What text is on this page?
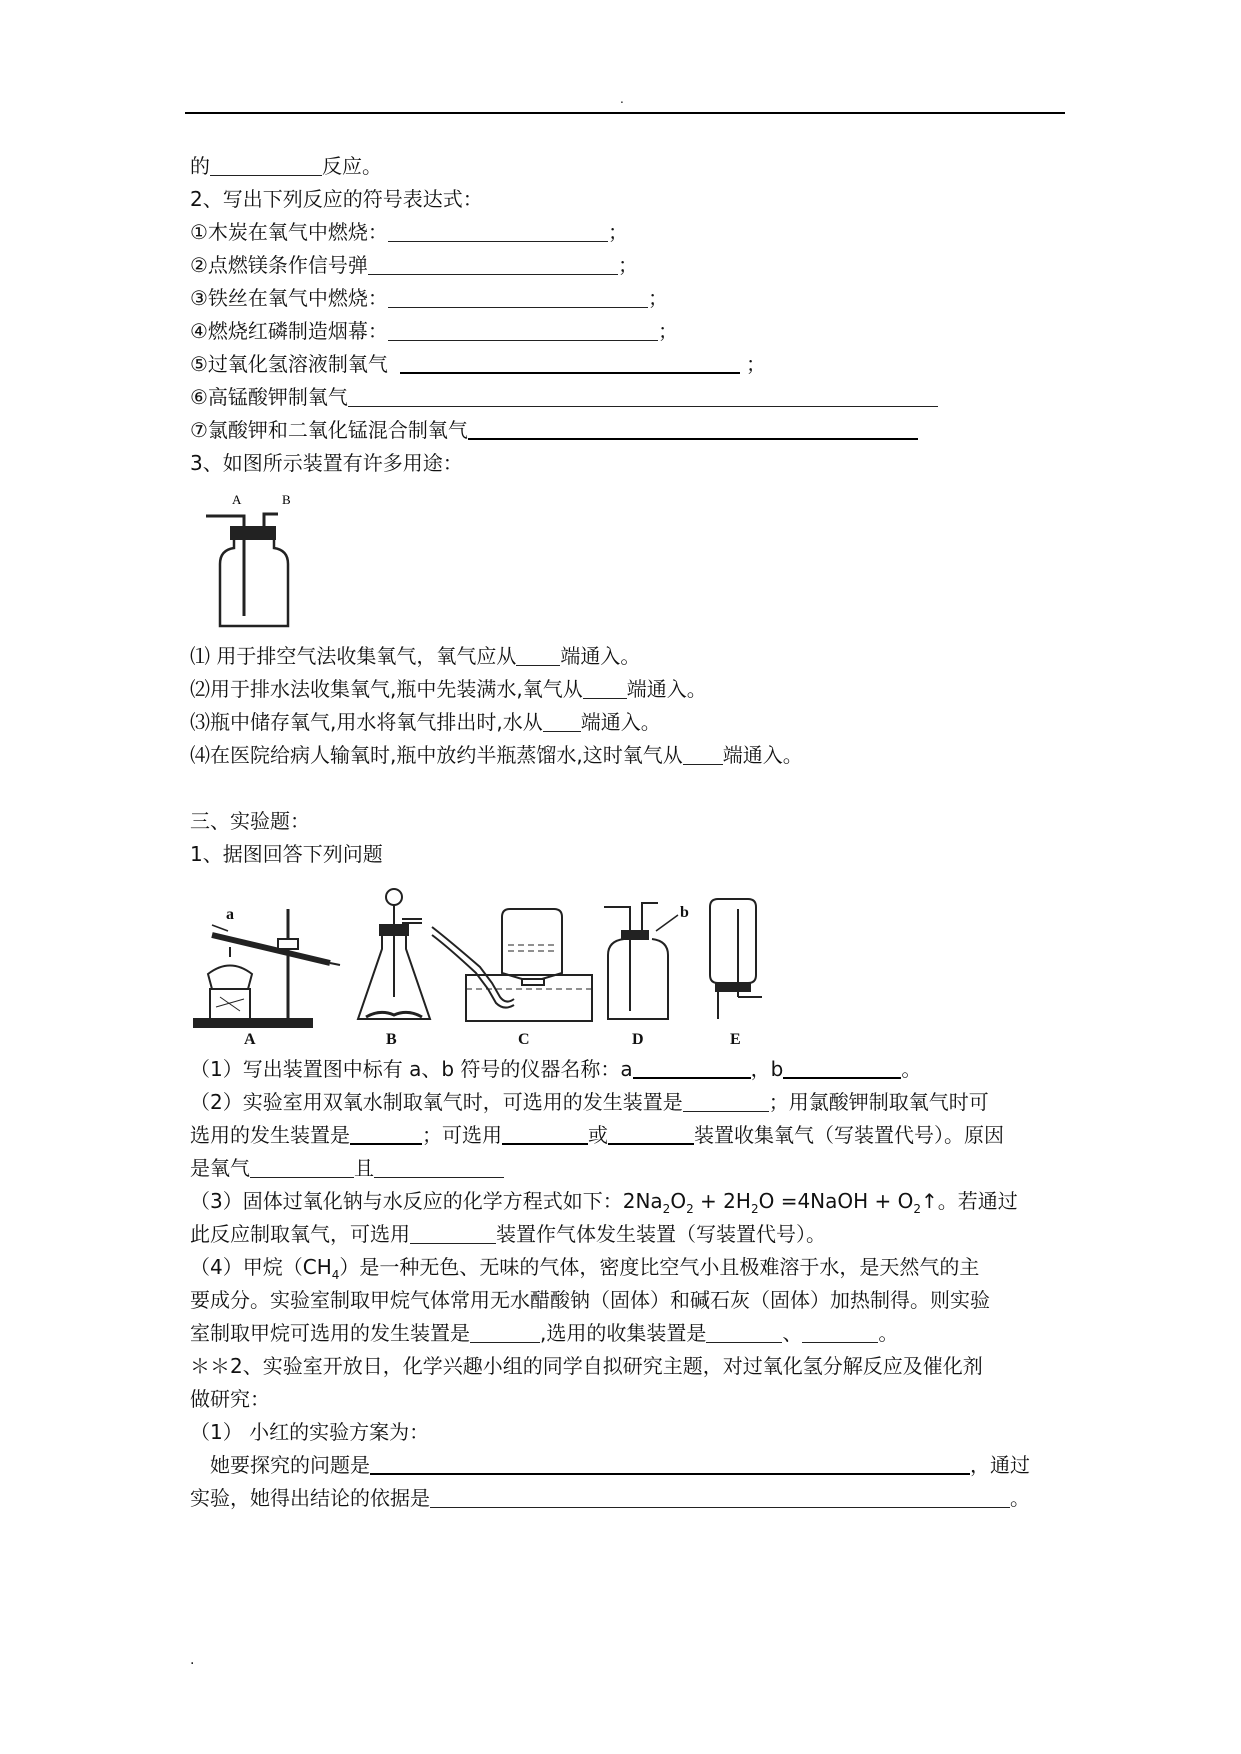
.
的	反应。
2、写出下列反应的符号表达式：
①木炭在氧气中燃烧：	；
②点燃镁条作信号弹	；
③铁丝在氧气中燃烧：	；
④燃烧红磷制造烟幕：	；
⑤过氧化氢溶液制氧气	；
⑥高锰酸钾制氧气
⑦氯酸钾和二氧化锰混合制氧气
3、如图所示装置有许多用途：
A	B
⑴ 用于排空气法收集氧气，氧气应从 端通入。
⑵用于排水法收集氧气,瓶中先装满水,氧气从 端通入。
⑶瓶中储存氧气,用水将氧气排出时,水从 端通入。
⑷在医院给病人输氧时,瓶中放约半瓶蒸馏水,这时氧气从 端通入。
三、实验题：
1、据图回答下列问题
a	b
A	B	C	D	E
（1）写出装置图中标有 a、b 符号的仪器名称：a	，b	。
（2）实验室用双氧水制取氧气时，可选用的发生装置是	；用氯酸钾制取氧气时可
选用的发生装置是	；可选用	或	装置收集氧气（写装置代号）。原因
是氧气	且
（3）固体过氧化钠与水反应的化学方程式如下：$2Na_2O_2 + 2H_2O$ =4NaOH + $O_2↑$。若通过
此反应制取氧气，可选用	装置作气体发生装置（写装置代号）。
（4）甲烷$(CH_4)$是一种无色、无味的气体，密度比空气小且极难溶于水，是天然气的主
要成分。实验室制取甲烷气体常用无水醋酸钠（固体）和碱石灰（固体）加热制得。则实验
室制取甲烷可选用的发生装置是	,选用的收集装置是	、	。
＊＊2、实验室开放日，化学兴趣小组的同学自拟研究主题，对过氧化氢分解反应及催化剂
做研究：
（1） 小红的实验方案为：
她要探究的问题是	，通过
实验，她得出结论的依据是	。
.
